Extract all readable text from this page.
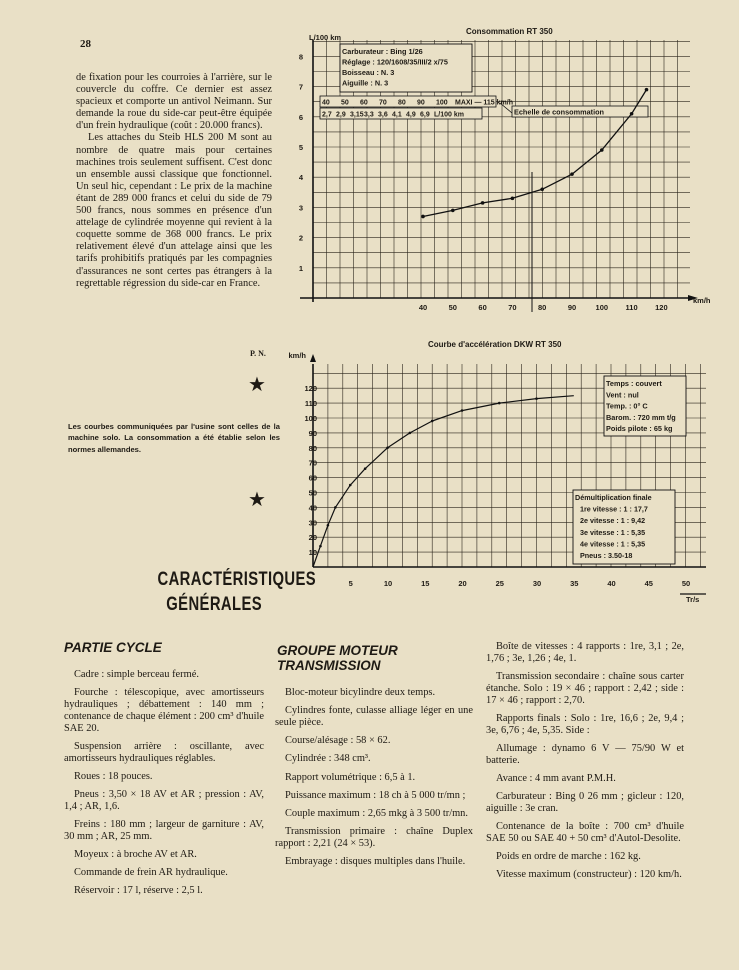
28

de fixation pour les courroies à l'arrière, sur le couvercle du coffre. Ce dernier est assez spacieux et comporte un antivol Neimann. Sur demande la roue du side-car peut-être équipée d'un frein hydraulique (coût : 20.000 francs).

Les attaches du Steib HLS 200 M sont au nombre de quatre mais pour certaines machines trois seulement suffisent. C'est donc un ensemble aussi classique que fonctionnel. Un seul hic, cependant : Le prix de la machine étant de 289 000 francs et celui du side de 79 500 francs, nous sommes en présence d'un attelage de cylindrée moyenne qui revient à la coquette somme de 368 000 francs. Le prix relativement élevé d'un attelage ainsi que les tarifs prohibitifs pratiqués par les compagnies d'assurances ne sont certes pas étrangers à la regrettable régression du side-car en France.

P. N.
★
Les courbes communiquées par l'usine sont celles de la machine solo. La consommation a été établie selon les normes allemandes.
★
CARACTÉRISTIQUES
GÉNÉRALES
Consommation RT 350
L/100 km
km/h
1
2
3
4
5
6
7
8
40	50	60	70	80	90	100 110 120
Carburateur : Bing 1/26
Réglage : 120/1608/35/III/2 x/75
Boisseau : N. 3
Aiguille : N. 3
40 50 60 70 80 90 100 MAXI — 115 km/h
2,7 2,9 3,15 3,3 3,6 4,1 4,9 6,9 L/100 km	Echelle de consommation
Courbe d'accélération DKW RT 350
km/h
Tr/s
10
20
30
40
50
60
70
80
90
100
110
120
5	10	15	20	25	30	35	40	45	50
Temps : couvert
Vent : nul
Temp. : 0° C
Barom. : 720 mm t/g
Poids pilote : 65 kg
Démultiplication finale
1re vitesse : 1 : 17,7
2e vitesse : 1 : 9,42
3e vitesse : 1 : 5,35
4e vitesse : 1 : 5,35
Pneus : 3.50-18
PARTIE CYCLE

Cadre : simple berceau fermé.

Fourche : télescopique, avec amortisseurs hydrauliques ; débattement : 140 mm ; contenance de chaque élément : 200 cm³ d'huile SAE 20.

Suspension arrière : oscillante, avec amortisseurs hydrauliques réglables.

Roues : 18 pouces.

Pneus : 3,50 × 18 AV et AR ; pression : AV, 1,4 ; AR, 1,6.

Freins : 180 mm ; largeur de garniture : AV, 30 mm ; AR, 25 mm.

Moyeux : à broche AV et AR.

Commande de frein AR hydraulique.

Réservoir : 17 l, réserve : 2,5 l.

GROUPE MOTEUR
TRANSMISSION

Bloc-moteur bicylindre deux temps.

Cylindres fonte, culasse alliage léger en une seule pièce.

Course/alésage : 58 × 62.

Cylindrée : 348 cm³.

Rapport volumétrique : 6,5 à 1.

Puissance maximum : 18 ch à 5 000 tr/mn ;

Couple maximum : 2,65 mkg à 3 500 tr/mn.

Transmission primaire : chaîne Duplex rapport : 2,21 (24 × 53).

Embrayage : disques multiples dans l'huile.

Boîte de vitesses : 4 rapports : 1re, 3,1 ; 2e, 1,76 ; 3e, 1,26 ; 4e, 1.

Transmission secondaire : chaîne sous carter étanche. Solo : 19 × 46 ; rapport : 2,42 ; side : 17 × 46 ; rapport : 2,70.

Rapports finals : Solo : 1re, 16,6 ; 2e, 9,4 ; 3e, 6,76 ; 4e, 5,35. Side :

Allumage : dynamo 6 V — 75/90 W et batterie.

Avance : 4 mm avant P.M.H.

Carburateur : Bing 0 26 mm ; gicleur : 120, aiguille : 3e cran.

Contenance de la boîte : 700 cm³ d'huile SAE 50 ou SAE 40 + 50 cm³ d'Autol-Desolite.

Poids en ordre de marche : 162 kg.

Vitesse maximum (constructeur) : 120 km/h.
